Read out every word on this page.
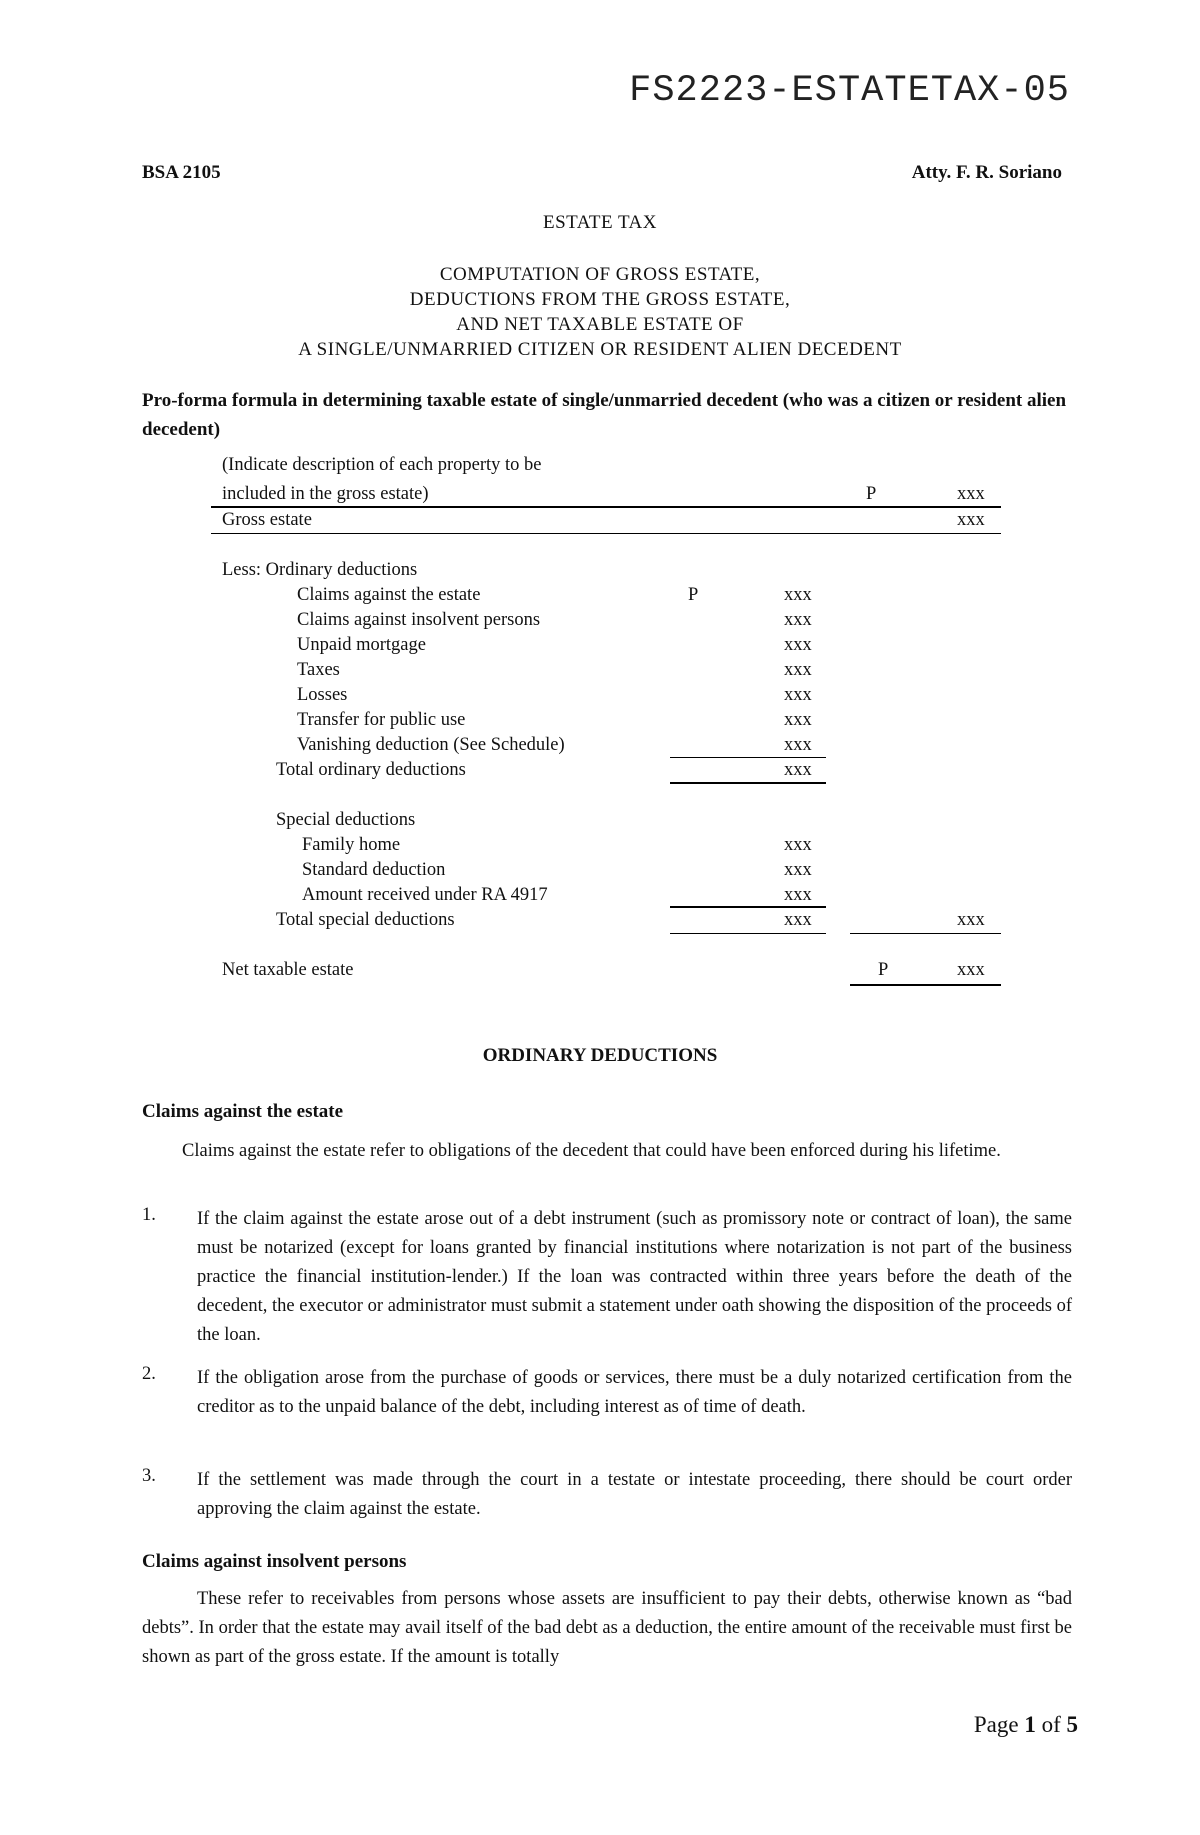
FS2223-ESTATETAX-05
BSA 2105	Atty. F. R. Soriano
ESTATE TAX
COMPUTATION OF GROSS ESTATE,
DEDUCTIONS FROM THE GROSS ESTATE,
AND NET TAXABLE ESTATE OF
A SINGLE/UNMARRIED CITIZEN OR RESIDENT ALIEN DECEDENT
Pro-forma formula in determining taxable estate of single/unmarried decedent (who was a citizen or resident alien decedent)
(Indicate description of each property to be
included in the gross estate)	P	xxx
Gross estate	xxx
Less: Ordinary deductions
Claims against the estate	P	xxx
Claims against insolvent persons	xxx
Unpaid mortgage	xxx
Taxes	xxx
Losses	xxx
Transfer for public use	xxx
Vanishing deduction (See Schedule)	xxx
Total ordinary deductions	xxx
Special deductions
Family home	xxx
Standard deduction	xxx
Amount received under RA 4917	xxx
Total special deductions	xxx	xxx
Net taxable estate	P	xxx
ORDINARY DEDUCTIONS
Claims against the estate
Claims against the estate refer to obligations of the decedent that could have been enforced during his lifetime.
1. If the claim against the estate arose out of a debt instrument (such as promissory note or contract of loan), the same must be notarized (except for loans granted by financial institutions where notarization is not part of the business practice the financial institution-lender.) If the loan was contracted within three years before the death of the decedent, the executor or administrator must submit a statement under oath showing the disposition of the proceeds of the loan.
2. If the obligation arose from the purchase of goods or services, there must be a duly notarized certification from the creditor as to the unpaid balance of the debt, including interest as of time of death.
3. If the settlement was made through the court in a testate or intestate proceeding, there should be court order approving the claim against the estate.
Claims against insolvent persons
These refer to receivables from persons whose assets are insufficient to pay their debts, otherwise known as “bad debts”. In order that the estate may avail itself of the bad debt as a deduction, the entire amount of the receivable must first be shown as part of the gross estate. If the amount is totally
Page 1 of 5
